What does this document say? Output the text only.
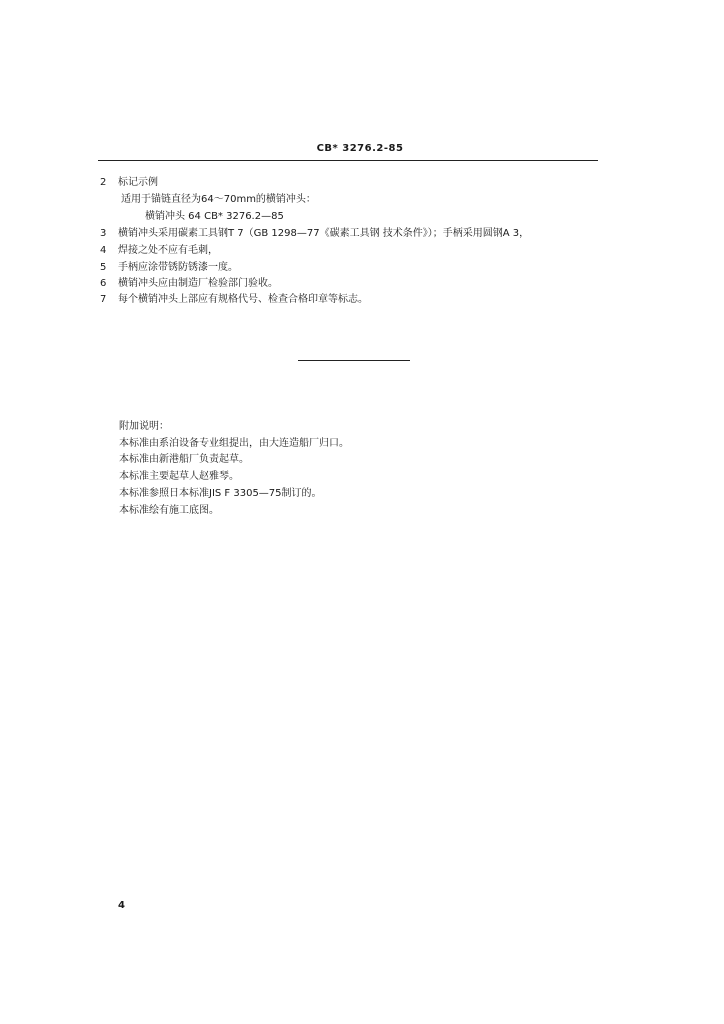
CB* 3276.2-85
2 标记示例
适用于锚链直径为64～70mm的横销冲头：
横销冲头 64 CB* 3276.2—85
3 横销冲头采用碳素工具钢T 7（GB 1298—77《碳素工具钢 技术条件》）；手柄采用圆钢A 3，
4 焊接之处不应有毛刺，
5 手柄应涂带锈防锈漆一度。
6 横销冲头应由制造厂检验部门验收。
7 每个横销冲头上部应有规格代号、检查合格印章等标志。
附加说明：
本标准由系泊设备专业组提出，由大连造船厂归口。
本标准由新港船厂负责起草。
本标准主要起草人赵雅琴。
本标准参照日本标准JIS F 3305—75制订的。
本标准绘有施工底图。
4
